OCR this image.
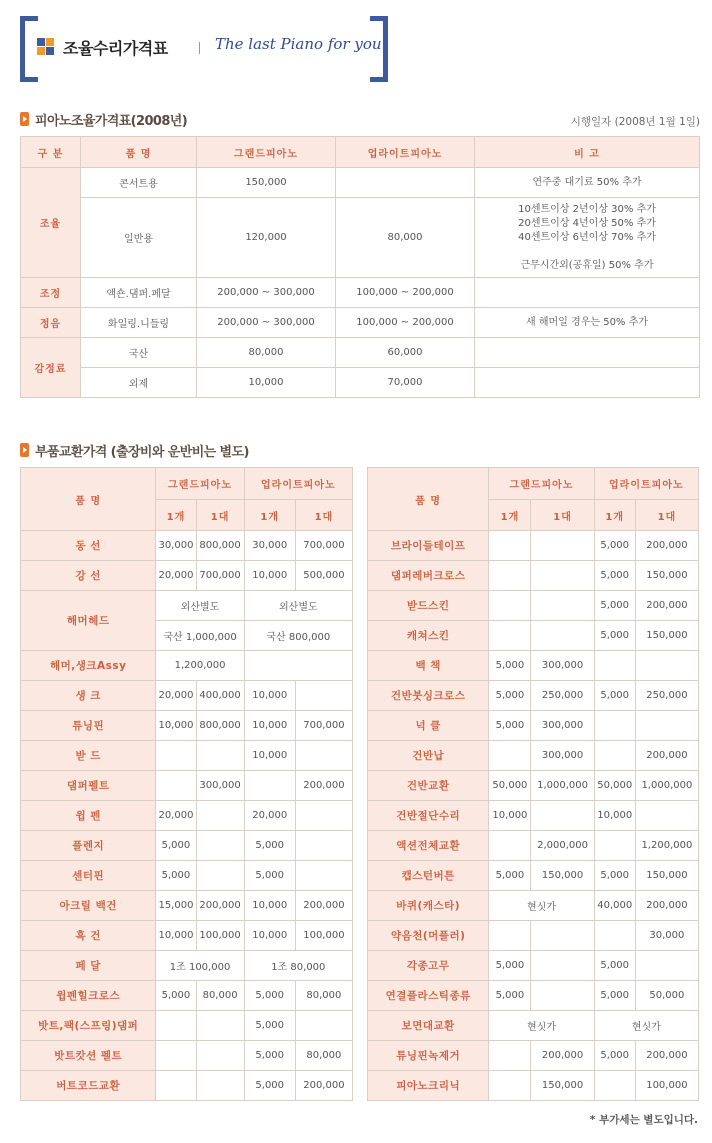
조율수리가격표	The last Piano for you
피아노조율가격표(2008년)	시행일자 (2008년 1월 1일)
구 분	품 명	그랜드피아노	업라이트피아노	비 고
조율	콘서트용	150,000		연주중 대기료 50% 추가

	일반용	120,000	80,000	10센트이상 2년이상 30% 추가
20센트이상 4년이상 50% 추가
40센트이상 6년이상 70% 추가
근무시간외(공휴일) 50% 추가

조정	액숀.댐퍼.페달	200,000 ~ 300,000	100,000 ~ 200,000	

정음	화일링.니들링	200,000 ~ 300,000	100,000 ~ 200,000	새 해머일 경우는 50% 추가

감정료	국산	80,000	60,000	

	외제	10,000	70,000	
부품교환가격 (출장비와 운반비는 별도)
품 명	그랜드피아노		업라이트피아노	
	1개	1대	1개	1대
동 선	30,000	800,000	30,000	700,000
강 선	20,000	700,000	10,000	500,000
해머헤드	외산별도		외산별도	
	국산 1,000,000		국산 800,000	
해머,생크Assy	1,200,000			
생 크	20,000	400,000	10,000	
튜닝핀	10,000	800,000	10,000	700,000
받 드			10,000	
댐퍼펠트		300,000		200,000
윕 펜	20,000		20,000	
플렌지	5,000		5,000	
센터핀	5,000		5,000	
아크릴 백건	15,000	200,000	10,000	200,000
흑 건	10,000	100,000	10,000	100,000
페 달	1조 100,000		1조 80,000	
윕펜힐크로스	5,000	80,000	5,000	80,000
밧트,팩(스프링)댐퍼			5,000	
밧트캇션 펠트			5,000	80,000
버트코드교환			5,000	200,000
품 명	그랜드피아노		업라이트피아노	
	1개	1대	1개	1대
브라이들테이프			5,000	200,000
댐퍼레버크로스			5,000	150,000
받드스킨			5,000	200,000
캐쳐스킨			5,000	150,000
백 책	5,000	300,000		
건반붓싱크로스	5,000	250,000	5,000	250,000
넉 클	5,000	300,000		
건반납		300,000		200,000
건반교환	50,000	1,000,000	50,000	1,000,000
건반절단수리	10,000		10,000	
액션전체교환		2,000,000		1,200,000
캡스턴버튼	5,000	150,000	5,000	150,000
바퀴(캐스타)	현싯가		40,000	200,000
약음천(머플러)				30,000
각종고무	5,000		5,000	
연결플라스틱종류	5,000		5,000	50,000
보면대교환	현싯가		현싯가	
튜닝핀녹제거		200,000	5,000	200,000
피아노크리닉		150,000		100,000
* 부가세는 별도입니다.
